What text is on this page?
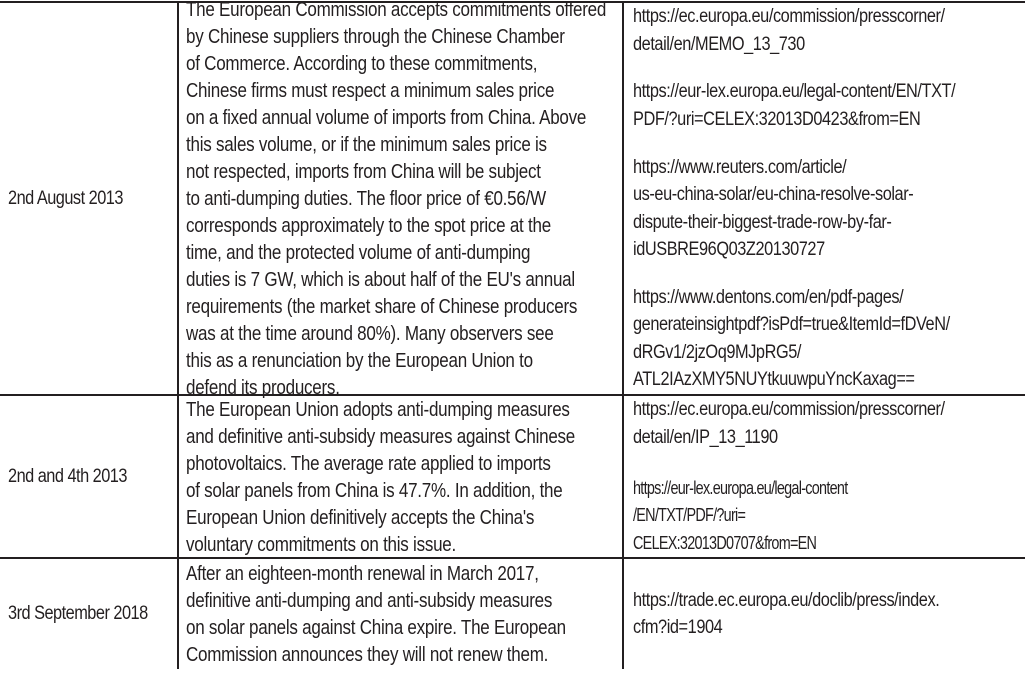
2nd August 2013
The European Commission accepts commitments offered
by Chinese suppliers through the Chinese Chamber
of Commerce. According to these commitments,
Chinese firms must respect a minimum sales price
on a fixed annual volume of imports from China. Above
this sales volume, or if the minimum sales price is
not respected, imports from China will be subject
to anti-dumping duties. The floor price of €0.56/W
corresponds approximately to the spot price at the
time, and the protected volume of anti-dumping
duties is 7 GW, which is about half of the EU's annual
requirements (the market share of Chinese producers
was at the time around 80%). Many observers see
this as a renunciation by the European Union to
defend its producers.
https://ec.europa.eu/commission/presscorner/
detail/en/MEMO_13_730
https://eur-lex.europa.eu/legal-content/EN/TXT/
PDF/?uri=CELEX:32013D0423&from=EN
https://www.reuters.com/article/
us-eu-china-solar/eu-china-resolve-solar-
dispute-their-biggest-trade-row-by-far-
idUSBRE96Q03Z20130727
https://www.dentons.com/en/pdf-pages/
generateinsightpdf?isPdf=true&ItemId=fDVeN/
dRGv1/2jzOq9MJpRG5/
ATL2IAzXMY5NUYtkuuwpuYncKaxag==
2nd and 4th 2013
The European Union adopts anti-dumping measures
and definitive anti-subsidy measures against Chinese
photovoltaics. The average rate applied to imports
of solar panels from China is 47.7%. In addition, the
European Union definitively accepts the China's
voluntary commitments on this issue.
https://ec.europa.eu/commission/presscorner/
detail/en/IP_13_1190
https://eur-lex.europa.eu/legal-content
/EN/TXT/PDF/?uri=
CELEX:32013D0707&from=EN
3rd September 2018
After an eighteen-month renewal in March 2017,
definitive anti-dumping and anti-subsidy measures
on solar panels against China expire. The European
Commission announces they will not renew them.
https://trade.ec.europa.eu/doclib/press/index.
cfm?id=1904
